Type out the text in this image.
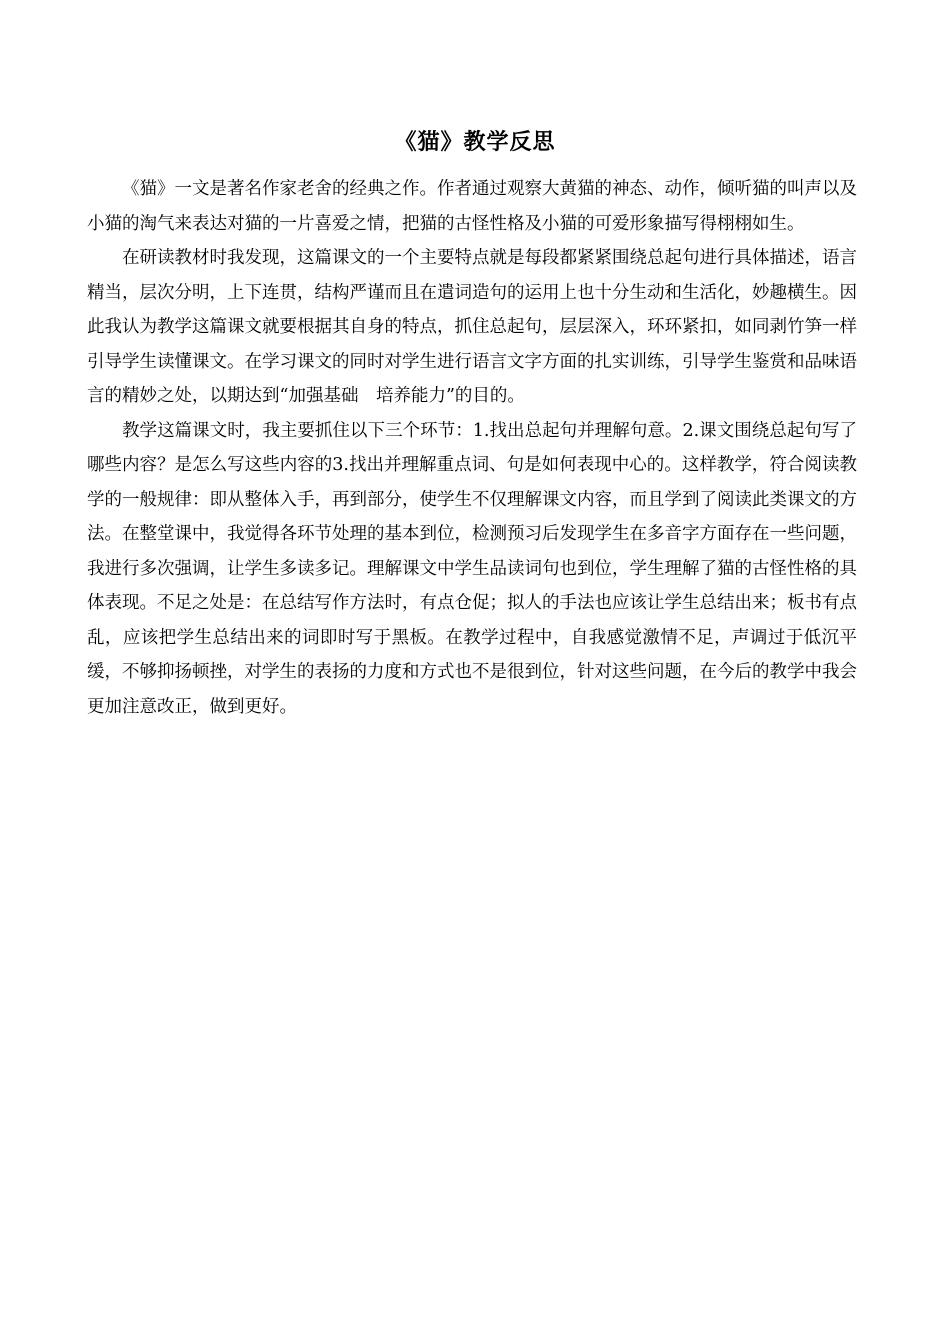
《猫》教学反思

《猫》一文是著名作家老舍的经典之作。作者通过观察大黄猫的神态、动作，倾听猫的叫声以及小猫的淘气来表达对猫的一片喜爱之情，把猫的古怪性格及小猫的可爱形象描写得栩栩如生。

在研读教材时我发现，这篇课文的一个主要特点就是每段都紧紧围绕总起句进行具体描述，语言精当，层次分明，上下连贯，结构严谨而且在遣词造句的运用上也十分生动和生活化，妙趣横生。因此我认为教学这篇课文就要根据其自身的特点，抓住总起句，层层深入，环环紧扣，如同剥竹笋一样引导学生读懂课文。在学习课文的同时对学生进行语言文字方面的扎实训练，引导学生鉴赏和品味语言的精妙之处，以期达到“加强基础　培养能力”的目的。

教学这篇课文时，我主要抓住以下三个环节：1.找出总起句并理解句意。2.课文围绕总起句写了哪些内容？是怎么写这些内容的3.找出并理解重点词、句是如何表现中心的。这样教学，符合阅读教学的一般规律：即从整体入手，再到部分，使学生不仅理解课文内容，而且学到了阅读此类课文的方法。在整堂课中，我觉得各环节处理的基本到位，检测预习后发现学生在多音字方面存在一些问题，我进行多次强调，让学生多读多记。理解课文中学生品读词句也到位，学生理解了猫的古怪性格的具体表现。不足之处是：在总结写作方法时，有点仓促；拟人的手法也应该让学生总结出来；板书有点乱，应该把学生总结出来的词即时写于黑板。在教学过程中，自我感觉激情不足，声调过于低沉平缓，不够抑扬顿挫，对学生的表扬的力度和方式也不是很到位，针对这些问题，在今后的教学中我会更加注意改正，做到更好。
